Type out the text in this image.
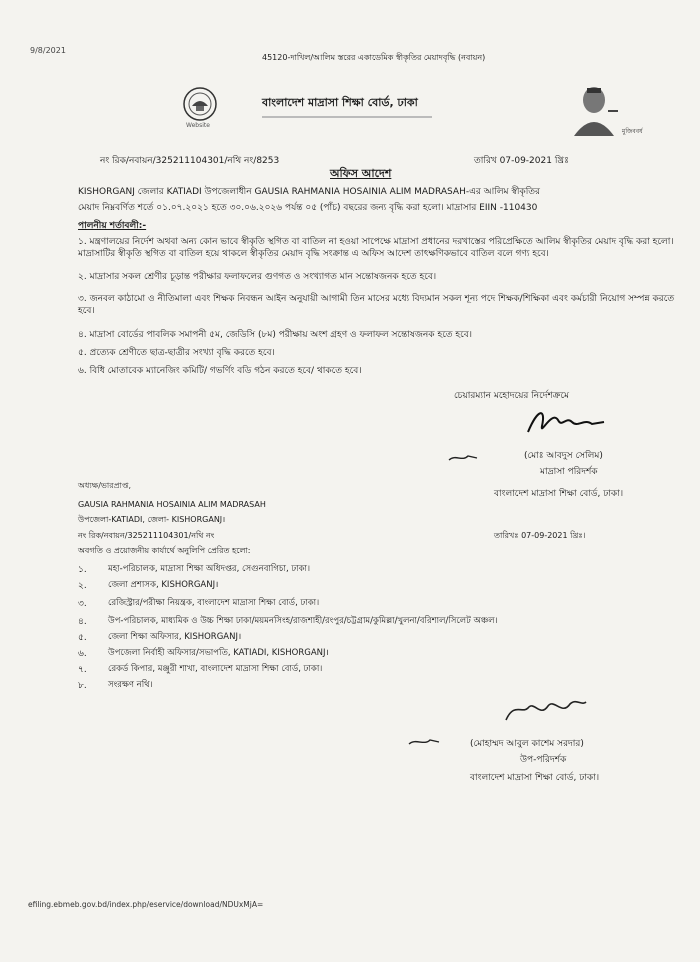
9/8/2021
45120-দাখিল/আলিম স্তরের একাডেমিক স্বীকৃতির মেয়াদবৃদ্ধি (নবায়ন)
Website
বাংলাদেশ মাদ্রাসা শিক্ষা বোর্ড, ঢাকা
মুজিববর্ষ
নং রিক/নবায়ন/325211104301/নথি নং/8253	তারিখ 07-09-2021 খ্রিঃ
অফিস আদেশ
KISHORGANJ জেলার KATIADI উপজেলাধীন GAUSIA RAHMANIA HOSAINIA ALIM MADRASAH-এর আলিম স্বীকৃতির
মেয়াদ নিম্নবর্ণিত শর্তে ০১.০৭.২০২১ হতে ৩০.০৬.২০২৬ পর্যন্ত ০৫ (পাঁচ) বছরের জন্য বৃদ্ধি করা হলো। মাদ্রাসার EIIN -110430
পালনীয় শর্তাবলী:-
১. মন্ত্রণালয়ের নির্দেশ অথবা অন্য কোন ভাবে স্বীকৃতি স্থগিত বা বাতিল না হওয়া সাপেক্ষে মাদ্রাসা প্রধানের দরখাস্তের পরিপ্রেক্ষিতে আলিম স্বীকৃতির মেয়াদ বৃদ্ধি করা হলো। মাদ্রাসাটির স্বীকৃতি স্থগিত বা বাতিল হয়ে থাকলে স্বীকৃতির মেয়াদ বৃদ্ধি সংক্রান্ত এ অফিস আদেশ তাৎক্ষণিকভাবে বাতিল বলে গণ্য হবে।
২. মাদ্রাসার সকল শ্রেণীর চূড়ান্ত পরীক্ষার ফলাফলের গুণগত ও সংখ্যাগত মান সন্তোষজনক হতে হবে।
৩. জনবল কাঠামো ও নীতিমালা এবং শিক্ষক নিবন্ধন আইন অনুযায়ী আগামী তিন মাসের মধ্যে বিদ্যমান সকল শূন্য পদে শিক্ষক/শিক্ষিকা এবং কর্মচারী নিয়োগ সম্পন্ন করতে হবে।
৪. মাদ্রাসা বোর্ডের পাবলিক সমাপনী ৫ম, জেডিসি (৮ম) পরীক্ষায় অংশ গ্রহণ ও ফলাফল সন্তোষজনক হতে হবে।
৫. প্রত্যেক শ্রেণীতে ছাত্র-ছাত্রীর সংখ্যা বৃদ্ধি করতে হবে।
৬. বিধি মোতাবেক ম্যানেজিং কমিটি/ গভর্ণিং বডি গঠন করতে হবে/ থাকতে হবে।
চেয়ারম্যান মহোদয়ের নির্দেশক্রমে
(মোঃ আবদুস সেলিম)
মাদ্রাসা পরিদর্শক
বাংলাদেশ মাদ্রাসা শিক্ষা বোর্ড, ঢাকা।
অধ্যক্ষ/ভারপ্রাপ্ত,
GAUSIA RAHMANIA HOSAINIA ALIM MADRASAH
উপজেলা-KATIADI, জেলা- KISHORGANJ।
নং রিক/নবায়ন/325211104301/নথি নং	তারিখঃ 07-09-2021 খ্রিঃ।
অবগতি ও প্রয়োজনীয় কার্যার্থে অনুলিপি প্রেরিত হলো:
১.	মহা-পরিচালক, মাদ্রাসা শিক্ষা অধিদপ্তর, সেগুনবাগিচা, ঢাকা।
২.	জেলা প্রশাসক, KISHORGANJ।
৩.	রেজিস্ট্রার/পরীক্ষা নিয়ন্ত্রক, বাংলাদেশ মাদ্রাসা শিক্ষা বোর্ড, ঢাকা।
৪.	উপ-পরিচালক, মাধ্যমিক ও উচ্চ শিক্ষা ঢাকা/ময়মনসিংহ/রাজশাহী/রংপুর/চট্টগ্রাম/কুমিল্লা/খুলনা/বরিশাল/সিলেট অঞ্চল।
৫.	জেলা শিক্ষা অফিসার, KISHORGANJ।
৬.	উপজেলা নির্বাহী অফিসার/সভাপতি, KATIADI, KISHORGANJ।
৭.	রেকর্ড কিপার, মঞ্জুরী শাখা, বাংলাদেশ মাদ্রাসা শিক্ষা বোর্ড, ঢাকা।
৮.	সংরক্ষণ নথি।
(মোহাম্মদ আবুল কাশেম সরদার)
উপ-পরিদর্শক
বাংলাদেশ মাদ্রাসা শিক্ষা বোর্ড, ঢাকা।
efiling.ebmeb.gov.bd/index.php/eservice/download/NDUxMjA=
